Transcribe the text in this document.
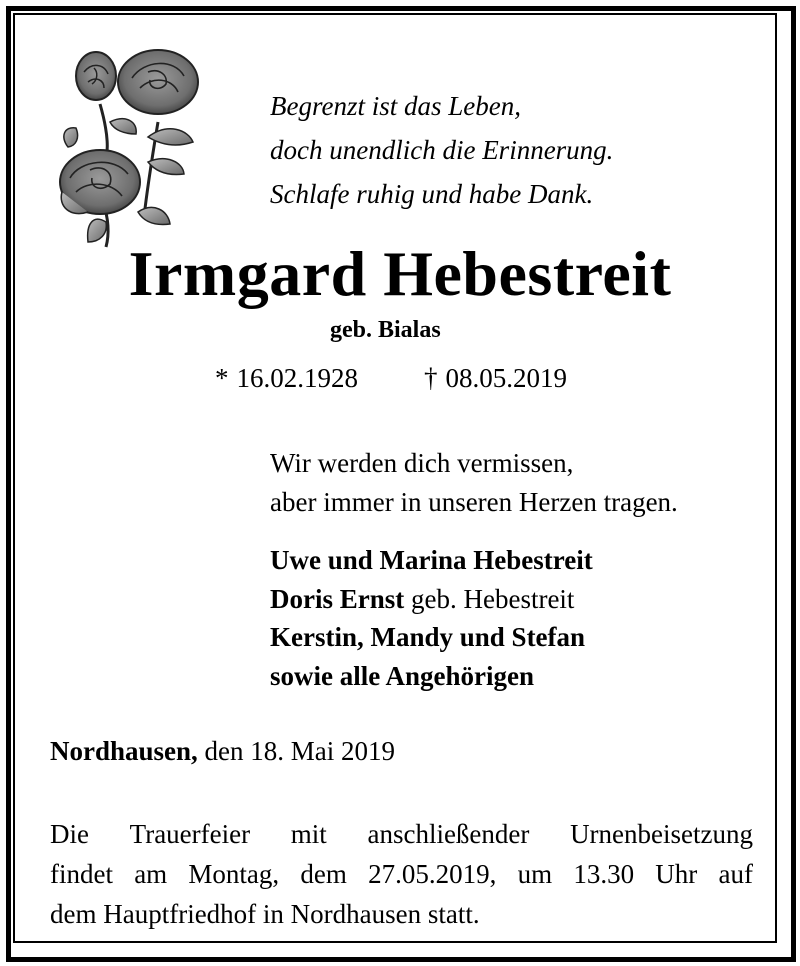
Begrenzt ist das Leben,
doch unendlich die Erinnerung.
Schlafe ruhig und habe Dank.
Irmgard Hebestreit
geb. Bialas
* 16.02.1928 † 08.05.2019
Wir werden dich vermissen,
aber immer in unseren Herzen tragen.
Uwe und Marina Hebestreit
Doris Ernst geb. Hebestreit
Kerstin, Mandy und Stefan
sowie alle Angehörigen
Nordhausen, den 18. Mai 2019
Die Trauerfeier mit anschließender Urnenbeisetzung
findet am Montag, dem 27.05.2019, um 13.30 Uhr auf
dem Hauptfriedhof in Nordhausen statt.
